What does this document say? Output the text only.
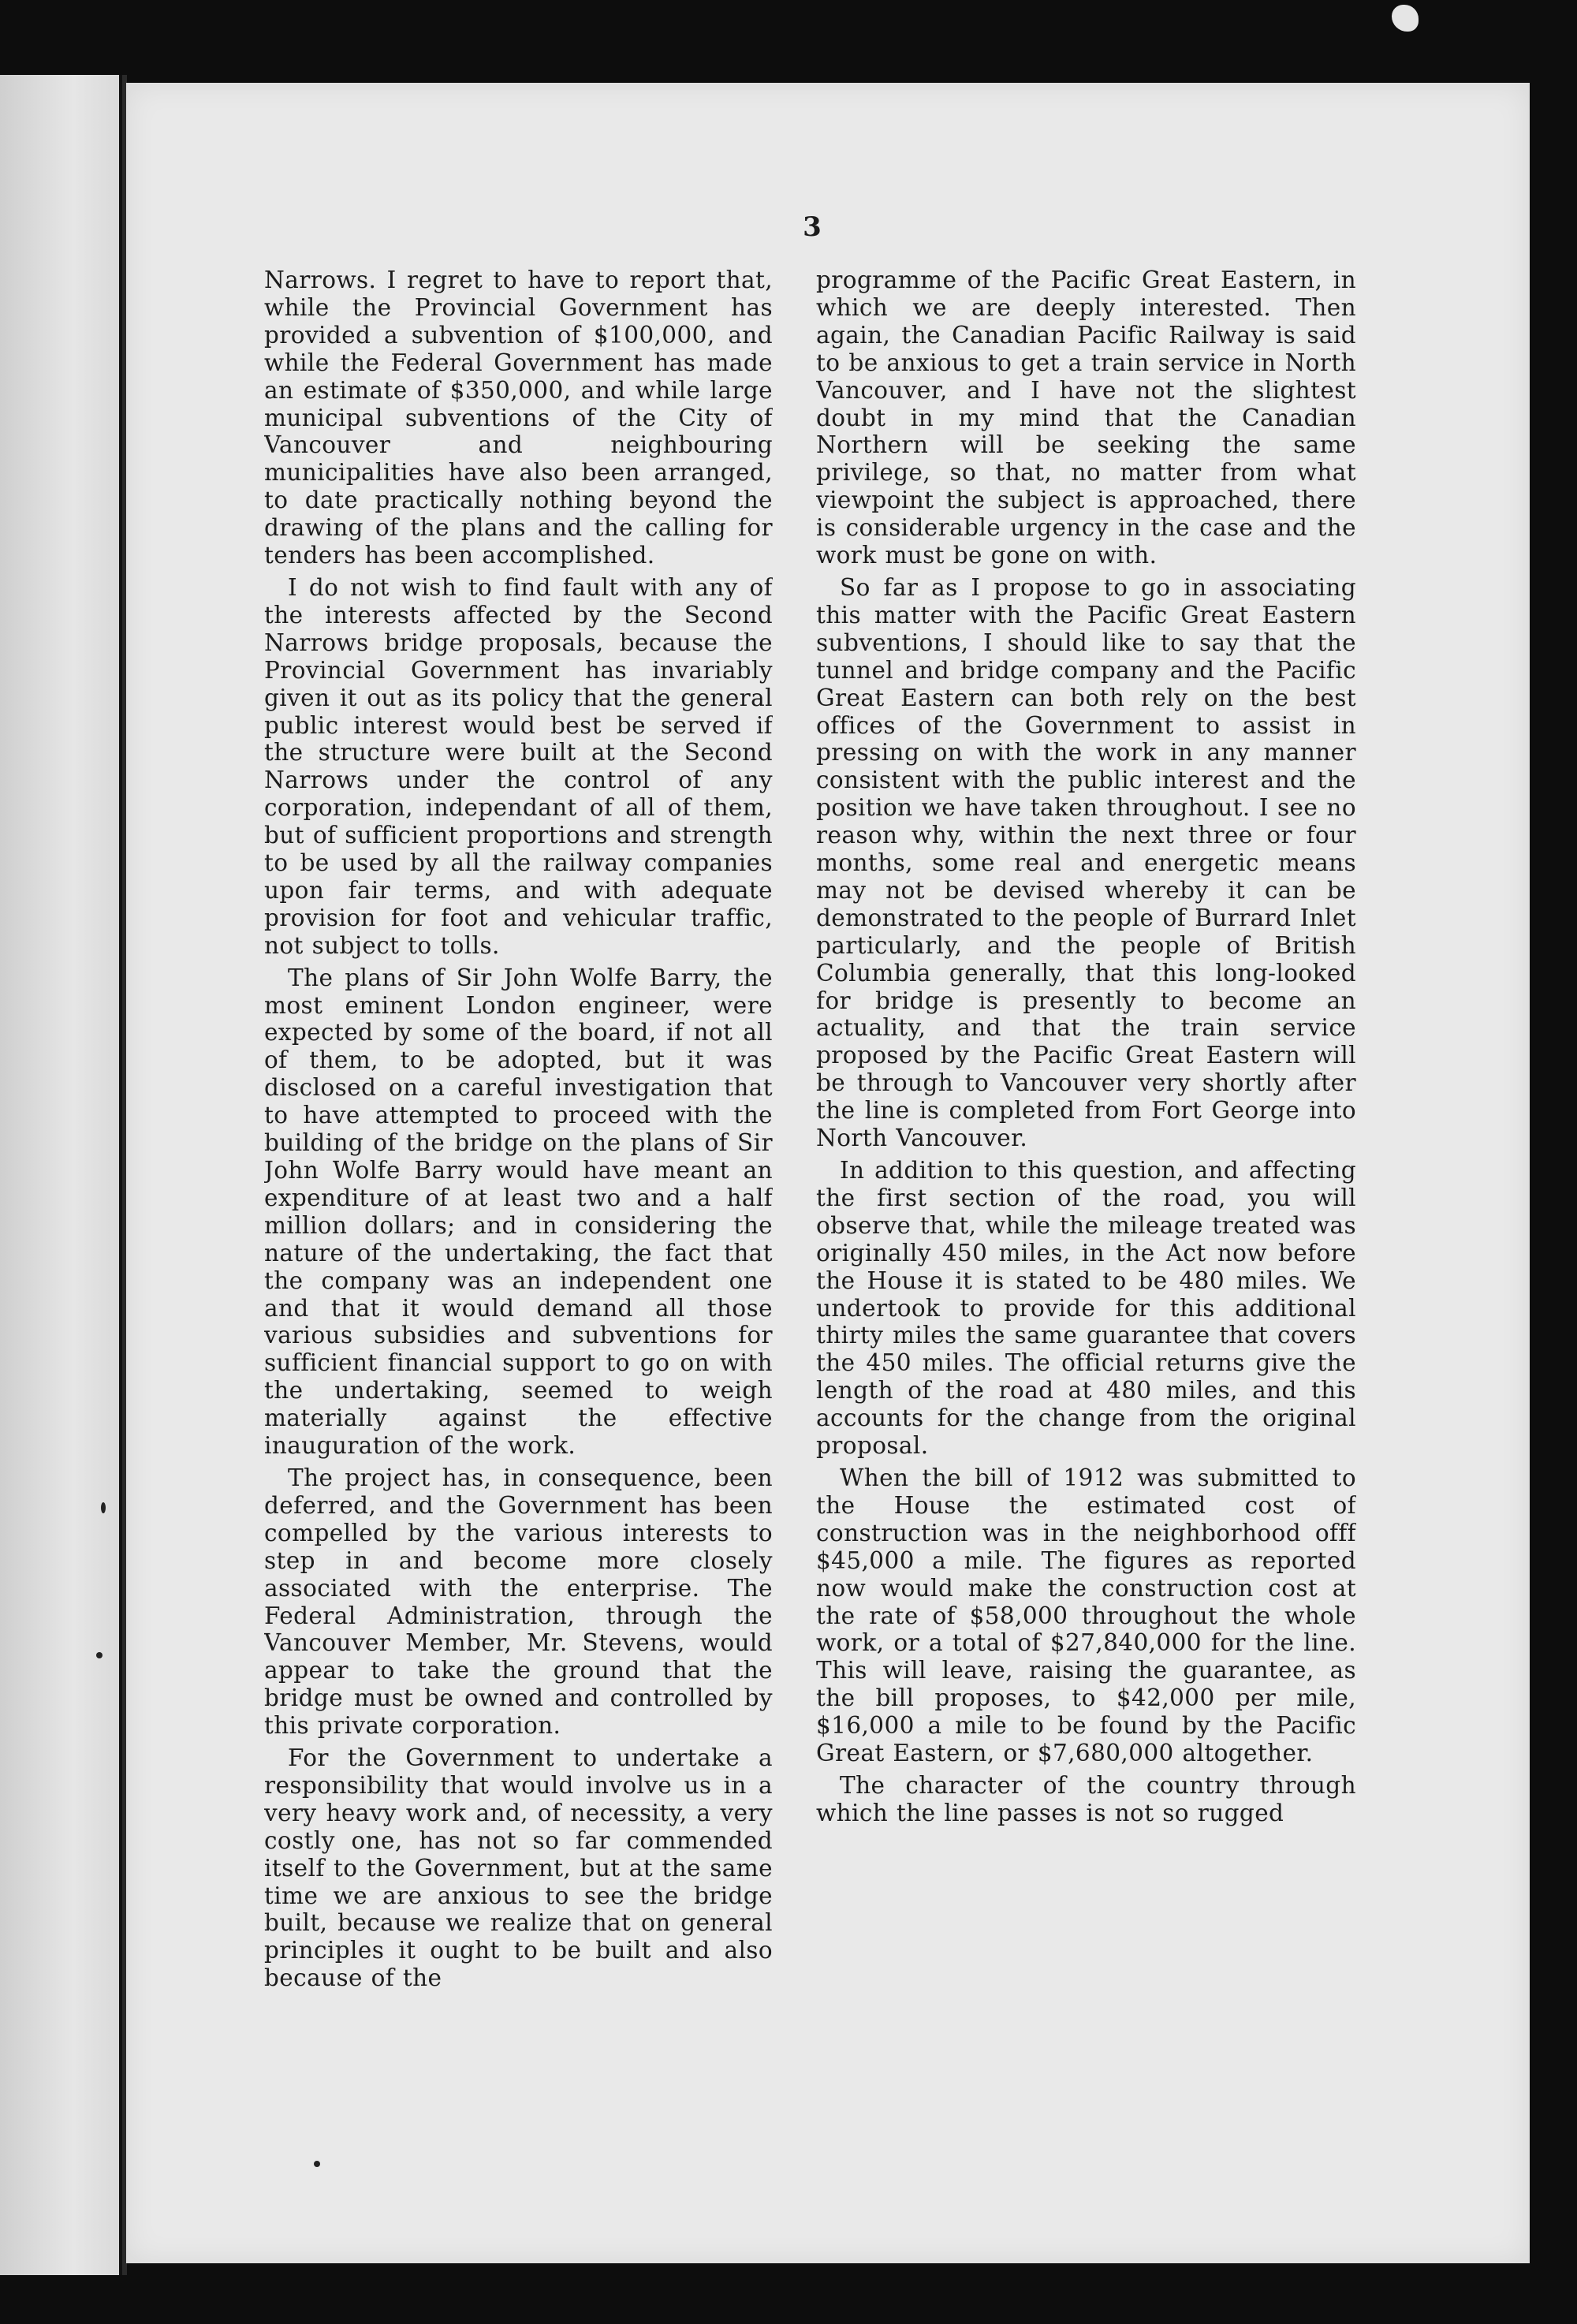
3

Narrows. I regret to have to report that, while the Provincial Government has provided a subvention of $100,000, and while the Federal Government has made an estimate of $350,000, and while large municipal subventions of the City of Vancouver and neighbouring municipalities have also been arranged, to date practically nothing beyond the drawing of the plans and the calling for tenders has been accomplished.

I do not wish to find fault with any of the interests affected by the Second Narrows bridge proposals, because the Provincial Government has invariably given it out as its policy that the general public interest would best be served if the structure were built at the Second Narrows under the control of any corporation, independant of all of them, but of sufficient proportions and strength to be used by all the railway companies upon fair terms, and with adequate provision for foot and vehicular traffic, not subject to tolls.

The plans of Sir John Wolfe Barry, the most eminent London engineer, were expected by some of the board, if not all of them, to be adopted, but it was disclosed on a careful investigation that to have attempted to proceed with the building of the bridge on the plans of Sir John Wolfe Barry would have meant an expenditure of at least two and a half million dollars; and in considering the nature of the undertaking, the fact that the company was an independent one and that it would demand all those various subsidies and subventions for sufficient financial support to go on with the undertaking, seemed to weigh materially against the effective inauguration of the work.

The project has, in consequence, been deferred, and the Government has been compelled by the various interests to step in and become more closely associated with the enterprise. The Federal Administration, through the Vancouver Member, Mr. Stevens, would appear to take the ground that the bridge must be owned and controlled by this private corporation.

For the Government to undertake a responsibility that would involve us in a very heavy work and, of necessity, a very costly one, has not so far commended itself to the Government, but at the same time we are anxious to see the bridge built, because we realize that on general principles it ought to be built and also because of the

programme of the Pacific Great Eastern, in which we are deeply interested. Then again, the Canadian Pacific Railway is said to be anxious to get a train service in North Vancouver, and I have not the slightest doubt in my mind that the Canadian Northern will be seeking the same privilege, so that, no matter from what viewpoint the subject is approached, there is considerable urgency in the case and the work must be gone on with.

So far as I propose to go in associating this matter with the Pacific Great Eastern subventions, I should like to say that the tunnel and bridge company and the Pacific Great Eastern can both rely on the best offices of the Government to assist in pressing on with the work in any manner consistent with the public interest and the position we have taken throughout. I see no reason why, within the next three or four months, some real and energetic means may not be devised whereby it can be demonstrated to the people of Burrard Inlet particularly, and the people of British Columbia generally, that this long-looked for bridge is presently to become an actuality, and that the train service proposed by the Pacific Great Eastern will be through to Vancouver very shortly after the line is completed from Fort George into North Vancouver.

In addition to this question, and affecting the first section of the road, you will observe that, while the mileage treated was originally 450 miles, in the Act now before the House it is stated to be 480 miles. We undertook to provide for this additional thirty miles the same guarantee that covers the 450 miles. The official returns give the length of the road at 480 miles, and this accounts for the change from the original proposal.

When the bill of 1912 was submitted to the House the estimated cost of construction was in the neighborhood offf $45,000 a mile. The figures as reported now would make the construction cost at the rate of $58,000 throughout the whole work, or a total of $27,840,000 for the line. This will leave, raising the guarantee, as the bill proposes, to $42,000 per mile, $16,000 a mile to be found by the Pacific Great Eastern, or $7,680,000 altogether.

The character of the country through which the line passes is not so rugged
